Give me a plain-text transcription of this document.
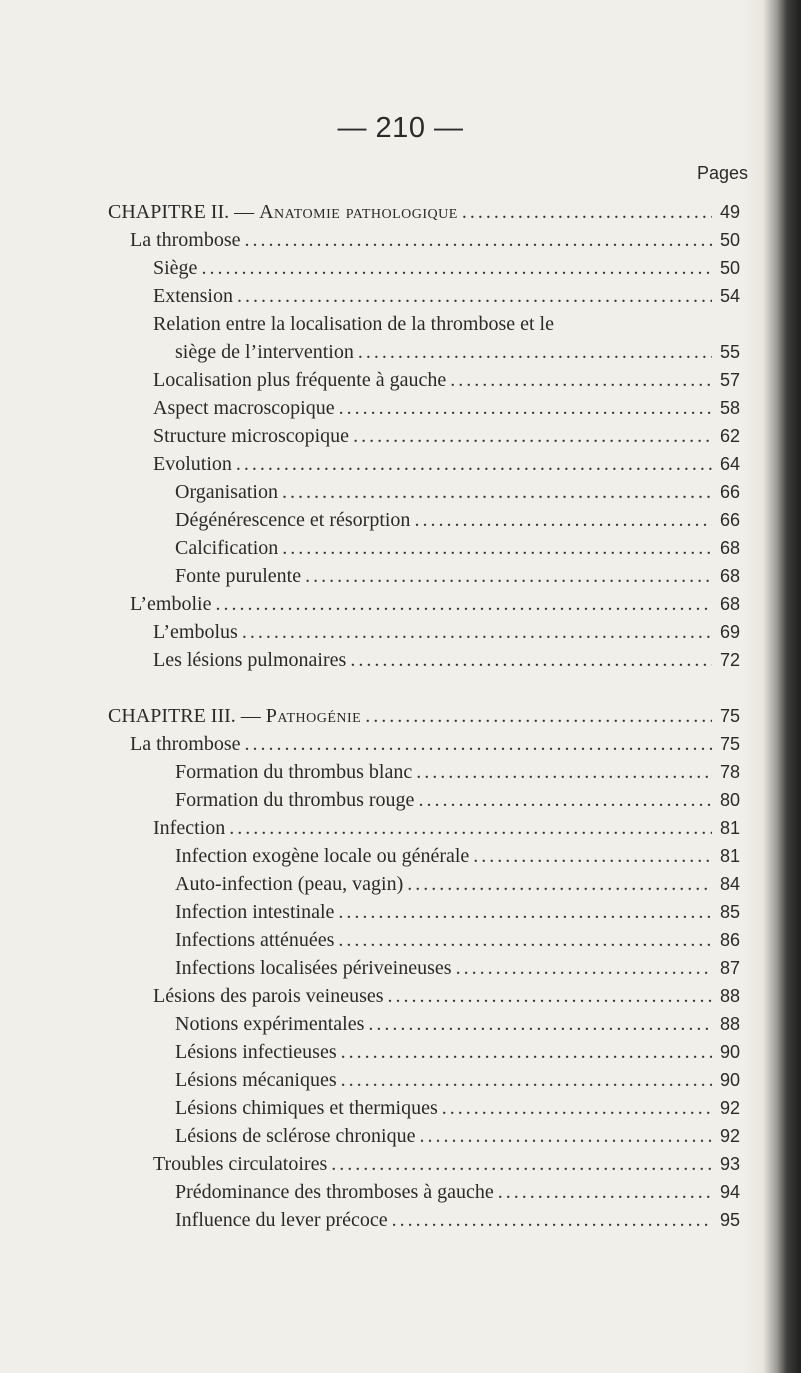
— 210 —
Pages
CHAPITRE II. — Anatomie pathologique .....	49
La thrombose .....	50
Siège .....	50
Extension .....	54
Relation entre la localisation de la thrombose et le
siège de l’intervention .....	55
Localisation plus fréquente à gauche .....	57
Aspect macroscopique .....	58
Structure microscopique .....	62
Evolution .....	64
Organisation .....	66
Dégénérescence et résorption .....	66
Calcification .....	68
Fonte purulente .....	68
L’embolie .....	68
L’embolus .....	69
Les lésions pulmonaires .....	72
CHAPITRE III. — Pathogénie .....	75
La thrombose .....	75
Formation du thrombus blanc .....	78
Formation du thrombus rouge .....	80
Infection .....	81
Infection exogène locale ou générale .....	81
Auto-infection (peau, vagin) .....	84
Infection intestinale .....	85
Infections atténuées .....	86
Infections localisées périveineuses .....	87
Lésions des parois veineuses .....	88
Notions expérimentales .....	88
Lésions infectieuses .....	90
Lésions mécaniques .....	90
Lésions chimiques et thermiques .....	92
Lésions de sclérose chronique .....	92
Troubles circulatoires .....	93
Prédominance des thromboses à gauche .....	94
Influence du lever précoce .....	95
